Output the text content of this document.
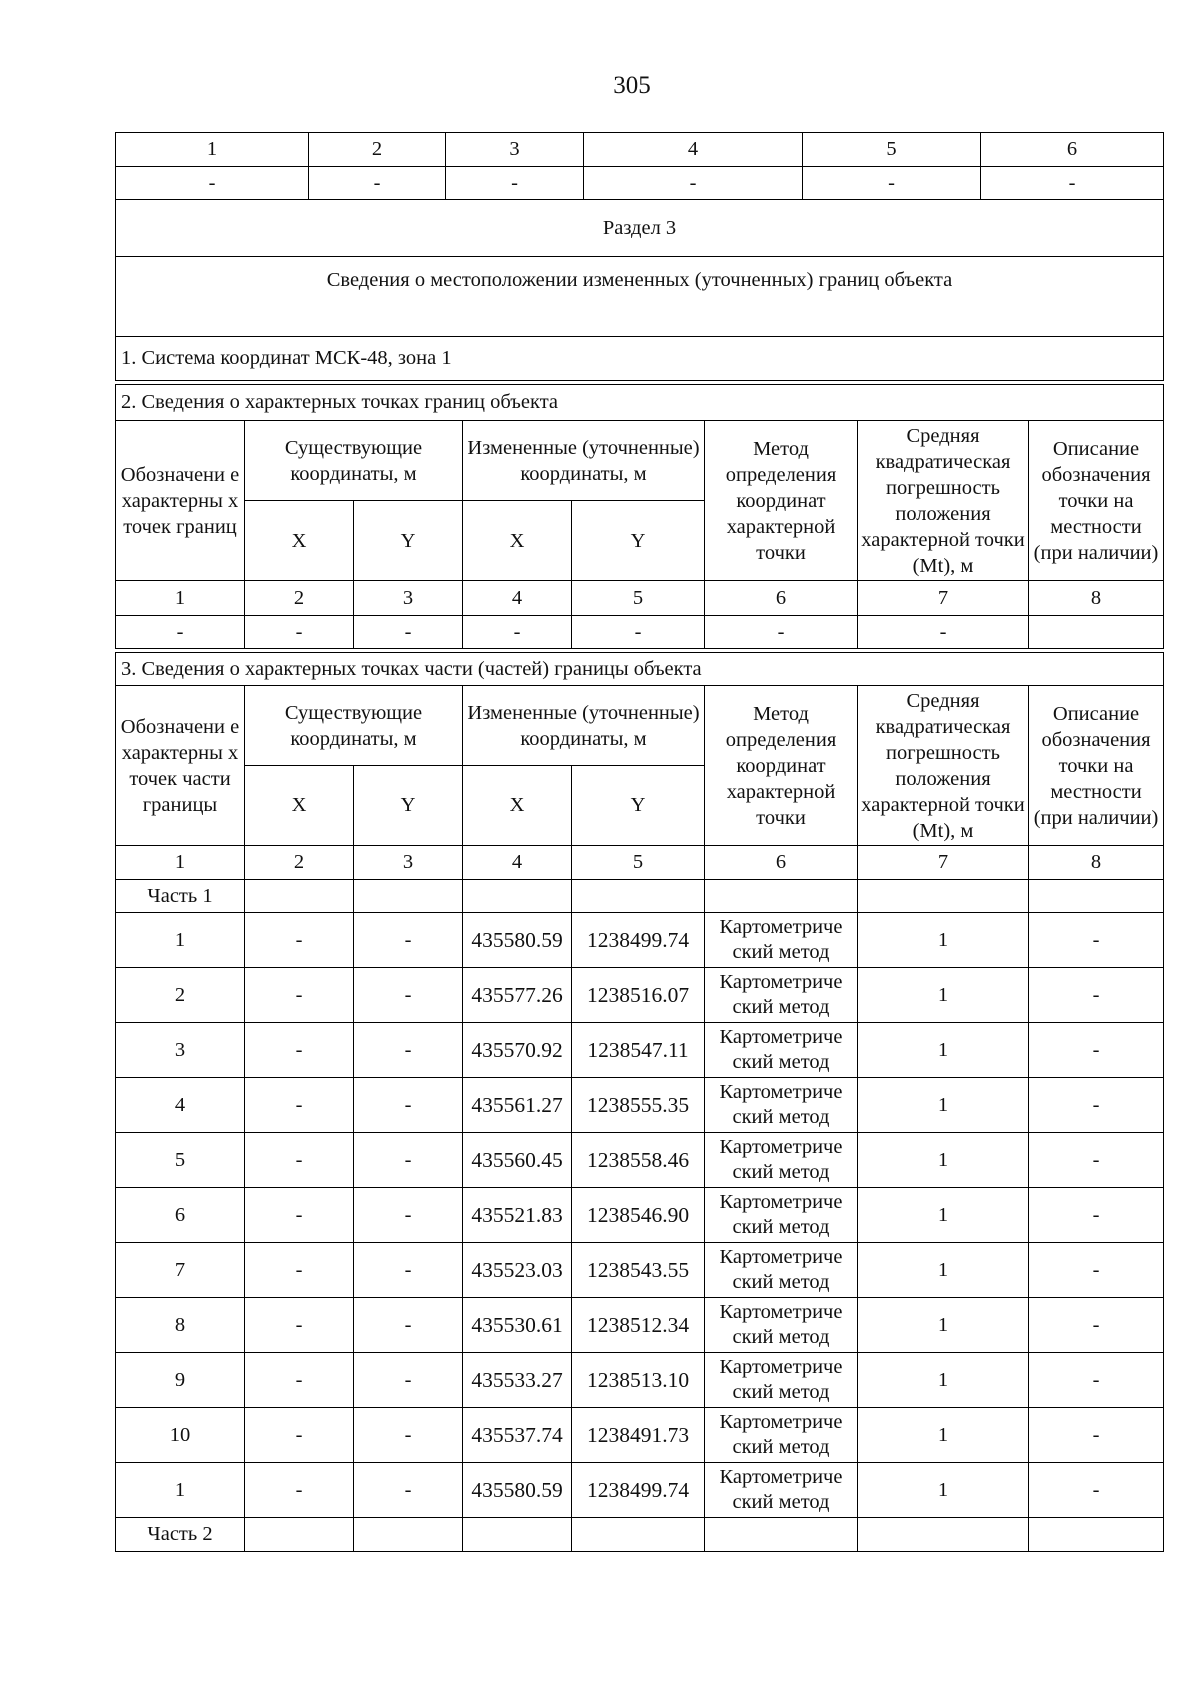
305
1	2	3	4	5	6
-	-	-	-	-	-
Раздел 3					
Сведения о местоположении измененных (уточненных) границ объекта					
1. Система координат МСК-48, зона 1					
2. Сведения о характерных точках границ объекта							
Обозначени е характерны х точек границ	Существующие координаты, м		Измененные (уточненные) координаты, м		Метод определения координат характерной точки	Средняя квадратическая погрешность положения характерной точки (Mt), м	Описание обозначения точки на местности (при наличии)
	X	Y	X	Y			
1	2	3	4	5	6	7	8
-	-	-	-	-	-	-	
3. Сведения о характерных точках части (частей) границы объекта							
Обозначени е характерны х точек части границы	Существующие координаты, м		Измененные (уточненные) координаты, м		Метод определения координат характерной точки	Средняя квадратическая погрешность положения характерной точки (Mt), м	Описание обозначения точки на местности (при наличии)
	X	Y	X	Y			
1	2	3	4	5	6	7	8
Часть 1							
1	-	-	435580.59	1238499.74	Картометриче ский метод	1	-
2	-	-	435577.26	1238516.07	Картометриче ский метод	1	-
3	-	-	435570.92	1238547.11	Картометриче ский метод	1	-
4	-	-	435561.27	1238555.35	Картометриче ский метод	1	-
5	-	-	435560.45	1238558.46	Картометриче ский метод	1	-
6	-	-	435521.83	1238546.90	Картометриче ский метод	1	-
7	-	-	435523.03	1238543.55	Картометриче ский метод	1	-
8	-	-	435530.61	1238512.34	Картометриче ский метод	1	-
9	-	-	435533.27	1238513.10	Картометриче ский метод	1	-
10	-	-	435537.74	1238491.73	Картометриче ский метод	1	-
1	-	-	435580.59	1238499.74	Картометриче ский метод	1	-
Часть 2							
